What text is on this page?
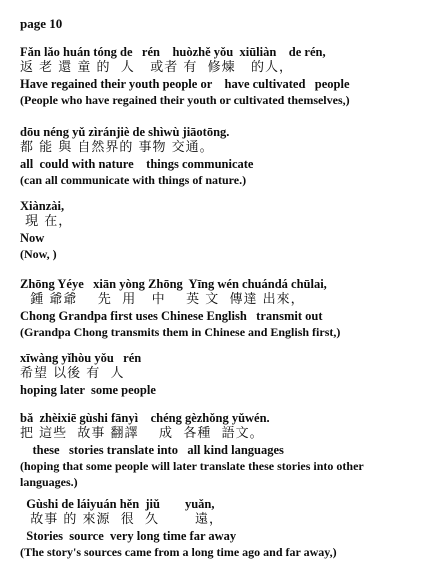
page 10
Fǎn lǎo huán tóng de   rén    huòzhě yǒu  xiūliàn    de rén,
返 老 還 童 的  人   或者 有  修煉   的人，
Have regained their youth people or    have cultivated   people
(People who have regained their youth or cultivated themselves,)
dōu néng yǔ zìránjiè de shìwù jiāotōng.
都 能 與 自然界的 事物 交通。
all  could with nature    things communicate
(can all communicate with things of nature.)
Xiànzài,
現 在，
Now
(Now, )
Zhōng Yéye   xiān yòng Zhōng  Yīng wén chuándá chūlai,
鍾 爺爺    先  用   中    英 文  傳達 出來，
Chong Grandpa first uses Chinese English   transmit out
(Grandpa Chong transmits them in Chinese and English first,)
xīwàng yǐhòu yǒu   rén
希望 以後 有  人
hoping later  some people
bǎ  zhèixiē gùshi fānyì    chéng gèzhǒng yǔwén.
把 這些  故事 翻譯    成  各種  語文。
these   stories translate into   all kind languages
(hoping that some people will later translate these stories into other languages.)
Gùshi de láiyuán hěn  jiǔ        yuǎn,
故事 的 來源  很  久       遠，
Stories  source  very long time far away
(The story's sources came from a long time ago and far away,)
